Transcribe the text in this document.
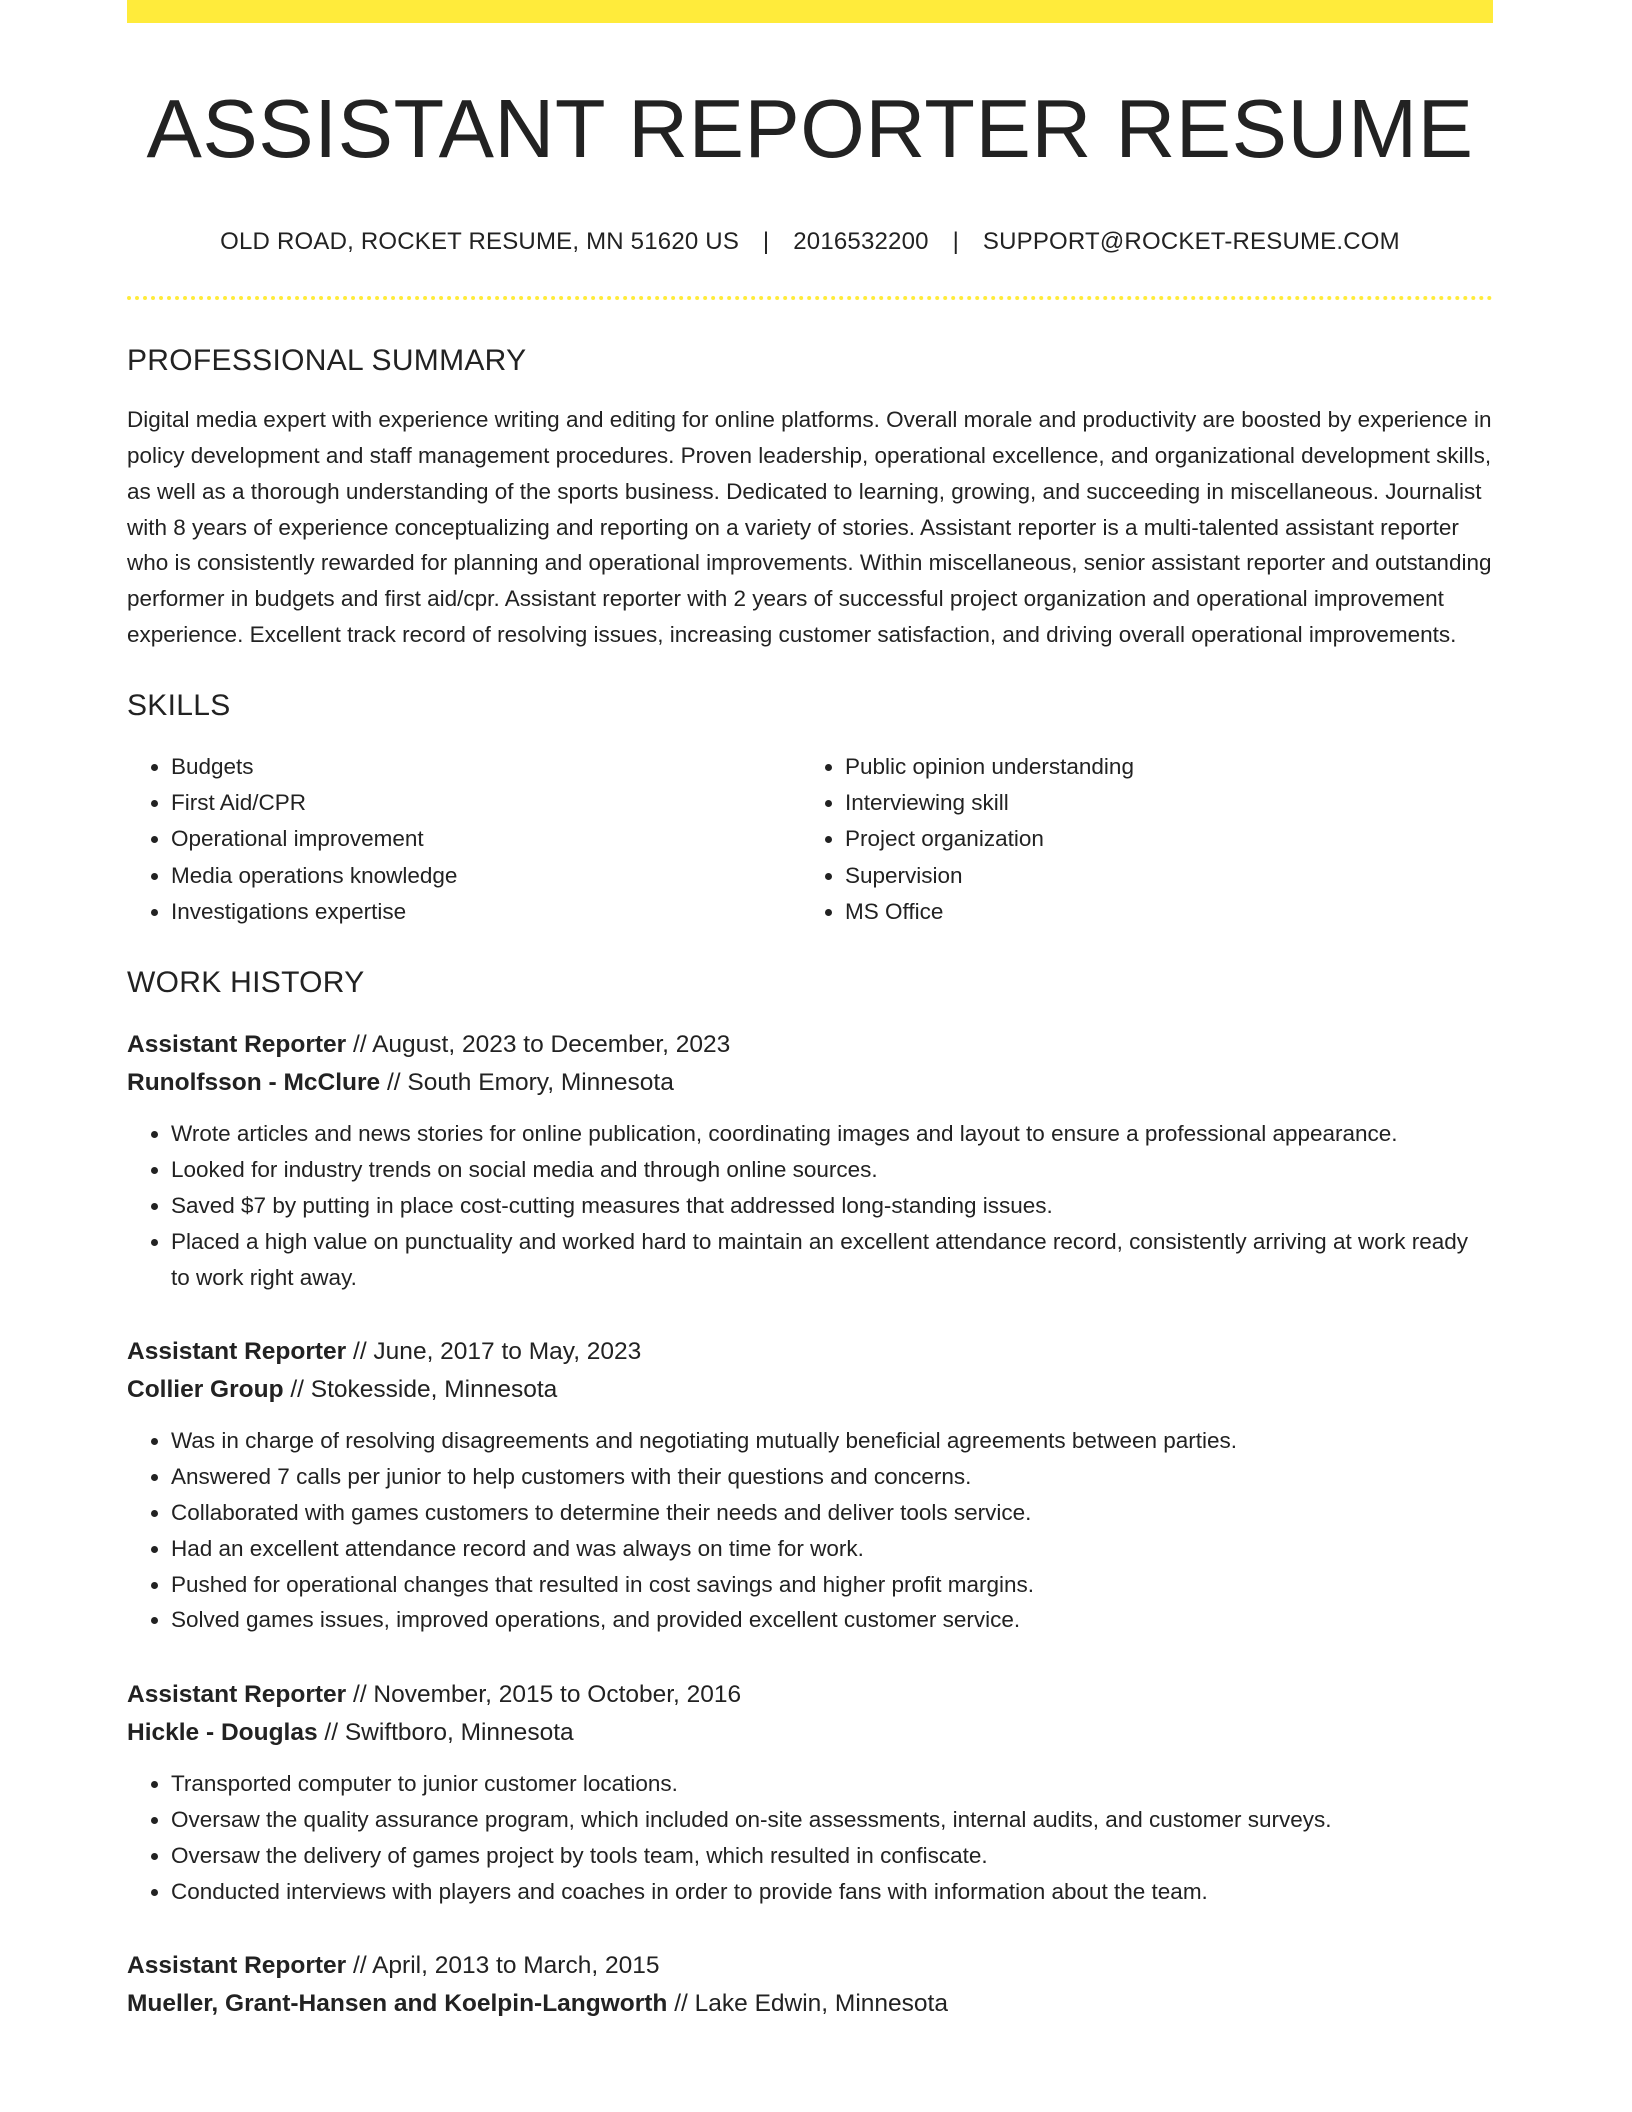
ASSISTANT REPORTER RESUME
OLD ROAD, ROCKET RESUME, MN 51620 US | 2016532200 | SUPPORT@ROCKET-RESUME.COM
PROFESSIONAL SUMMARY

Digital media expert with experience writing and editing for online platforms. Overall morale and productivity are boosted by experience in policy development and staff management procedures. Proven leadership, operational excellence, and organizational development skills, as well as a thorough understanding of the sports business. Dedicated to learning, growing, and succeeding in miscellaneous. Journalist with 8 years of experience conceptualizing and reporting on a variety of stories. Assistant reporter is a multi-talented assistant reporter who is consistently rewarded for planning and operational improvements. Within miscellaneous, senior assistant reporter and outstanding performer in budgets and first aid/cpr. Assistant reporter with 2 years of successful project organization and operational improvement experience. Excellent track record of resolving issues, increasing customer satisfaction, and driving overall operational improvements.

SKILLS
• Budgets
• First Aid/CPR
• Operational improvement
• Media operations knowledge
• Investigations expertise
• Public opinion understanding
• Interviewing skill
• Project organization
• Supervision
• MS Office
WORK HISTORY
Assistant Reporter // August, 2023 to December, 2023
Runolfsson - McClure // South Emory, Minnesota
• Wrote articles and news stories for online publication, coordinating images and layout to ensure a professional appearance.
• Looked for industry trends on social media and through online sources.
• Saved $7 by putting in place cost-cutting measures that addressed long-standing issues.
• Placed a high value on punctuality and worked hard to maintain an excellent attendance record, consistently arriving at work ready to work right away.
Assistant Reporter // June, 2017 to May, 2023
Collier Group // Stokesside, Minnesota
• Was in charge of resolving disagreements and negotiating mutually beneficial agreements between parties.
• Answered 7 calls per junior to help customers with their questions and concerns.
• Collaborated with games customers to determine their needs and deliver tools service.
• Had an excellent attendance record and was always on time for work.
• Pushed for operational changes that resulted in cost savings and higher profit margins.
• Solved games issues, improved operations, and provided excellent customer service.
Assistant Reporter // November, 2015 to October, 2016
Hickle - Douglas // Swiftboro, Minnesota
• Transported computer to junior customer locations.
• Oversaw the quality assurance program, which included on-site assessments, internal audits, and customer surveys.
• Oversaw the delivery of games project by tools team, which resulted in confiscate.
• Conducted interviews with players and coaches in order to provide fans with information about the team.
Assistant Reporter // April, 2013 to March, 2015
Mueller, Grant-Hansen and Koelpin-Langworth // Lake Edwin, Minnesota
